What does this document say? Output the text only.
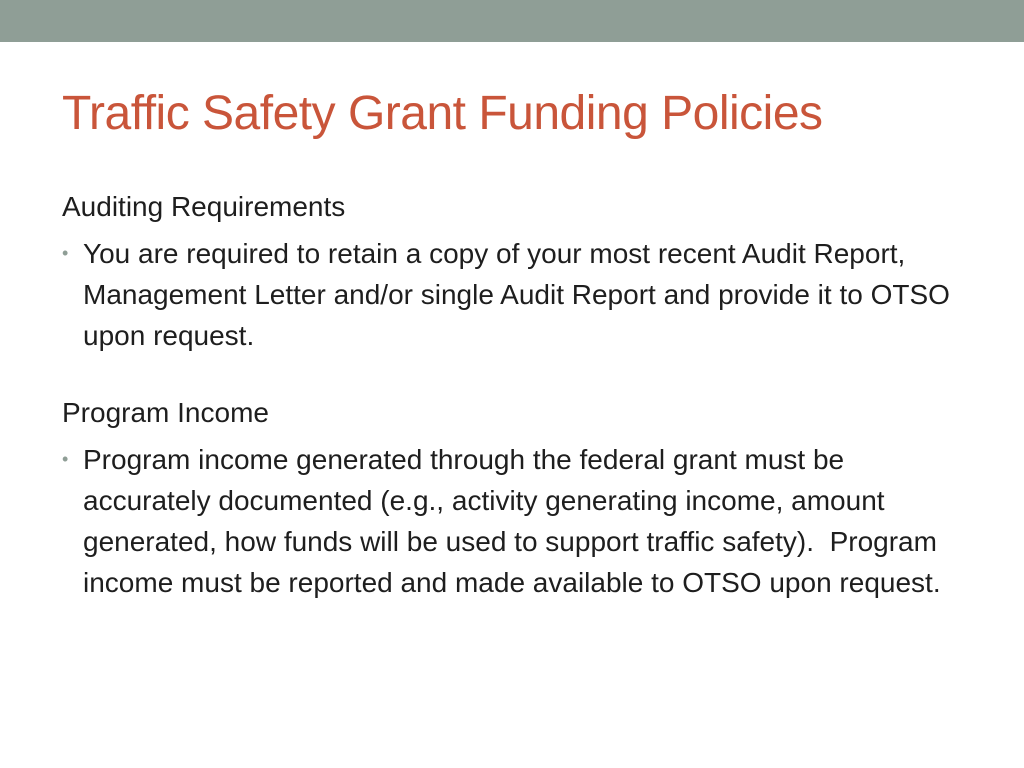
Traffic Safety Grant Funding Policies

Auditing Requirements

• You are required to retain a copy of your most recent Audit Report, Management Letter and/or single Audit Report and provide it to OTSO upon request.

Program Income

• Program income generated through the federal grant must be accurately documented (e.g., activity generating income, amount generated, how funds will be used to support traffic safety).  Program income must be reported and made available to OTSO upon request.
